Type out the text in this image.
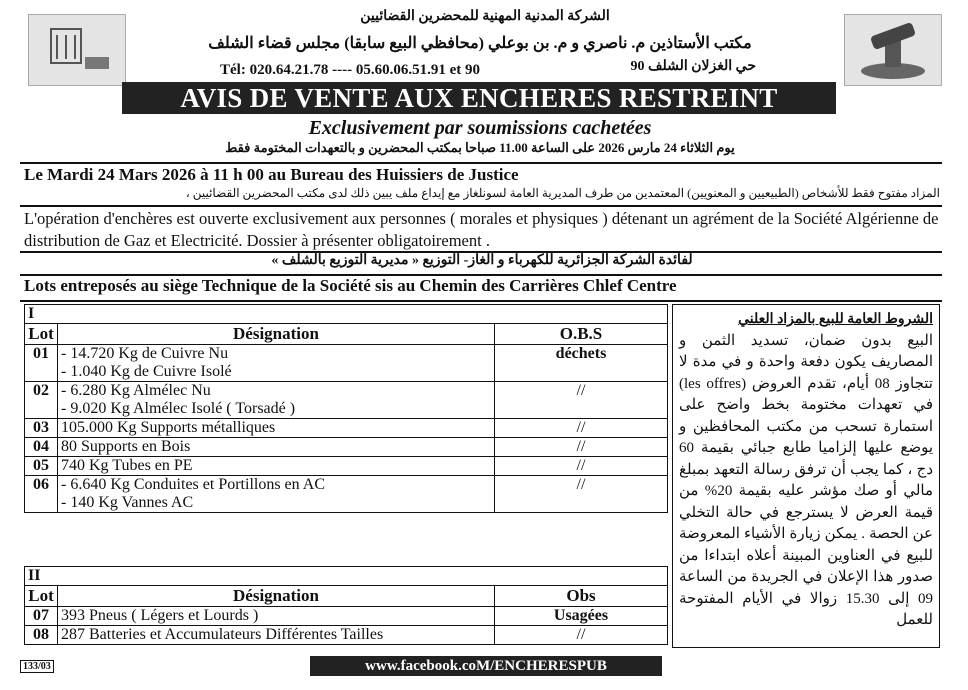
الشركة المدنية المهنية للمحضرين القضائيين
مكتب الأستاذين م. ناصري و م. بن بوعلي (محافظي البيع سابقا) مجلس قضاء الشلف
حي الغزلان الشلف 90
Tél: 020.64.21.78 ---- 05.60.06.51.91 et 90
AVIS DE VENTE AUX ENCHERES RESTREINT
Exclusivement par soumissions cachetées
يوم الثلاثاء 24 مارس 2026 على الساعة 11.00 صباحا بمكتب المحضرين و بالتعهدات المختومة فقط
Le Mardi 24 Mars 2026 à 11 h 00 au Bureau des Huissiers de Justice
المزاد مفتوح فقط للأشخاص (الطبيعيين و المعنويين) المعتمدين من طرف المديرية العامة لسونلغاز مع إيداع ملف يبين ذلك لدى مكتب المحضرين القضائيين ،
L'opération d'enchères est ouverte exclusivement aux personnes ( morales et physiques ) détenant un agrément de la Société Algérienne de distribution de Gaz et Electricité. Dossier à présenter obligatoirement .
لفائدة الشركة الجزائرية للكهرباء و الغاز- التوزيع « مديرية التوزيع بالشلف »
Lots entreposés au siège Technique de la Société sis au Chemin des Carrières Chlef Centre
I		
Lot	Désignation	O.B.S
01	- 14.720 Kg de Cuivre Nu
- 1.040 Kg de Cuivre Isolé	déchets
02	- 6.280 Kg Almélec Nu
- 9.020 Kg Almélec Isolé ( Torsadé )	//
03	105.000 Kg Supports métalliques	//
04	80 Supports en Bois	//
05	740 Kg Tubes en PE	//
06	- 6.640 Kg Conduites et Portillons en AC
- 140 Kg Vannes AC	//
II		
Lot	Désignation	Obs
07	393 Pneus ( Légers et Lourds )	Usagées
08	287 Batteries et Accumulateurs Différentes Tailles	//
الشروط العامة للبيع بالمزاد العلني
البيع بدون ضمان، تسديد الثمن و المصاريف يكون دفعة واحدة و في مدة لا تتجاوز 08 أيام، تقدم العروض (les offres) في تعهدات مختومة بخط واضح على استمارة تسحب من مكتب المحافظين و يوضع عليها إلزاميا طابع جبائي بقيمة 60 دج ، كما يجب أن ترفق رسالة التعهد بمبلغ مالي أو صك مؤشر عليه بقيمة 20% من قيمة العرض لا يسترجع في حالة التخلي عن الحصة . يمكن زيارة الأشياء المعروضة للبيع في العناوين المبينة أعلاه ابتداءا من صدور هذا الإعلان في الجريدة من الساعة 09 إلى 15.30 زوالا في الأيام المفتوحة للعمل
133/03	www.facebook.coM/ENCHERESPUB
